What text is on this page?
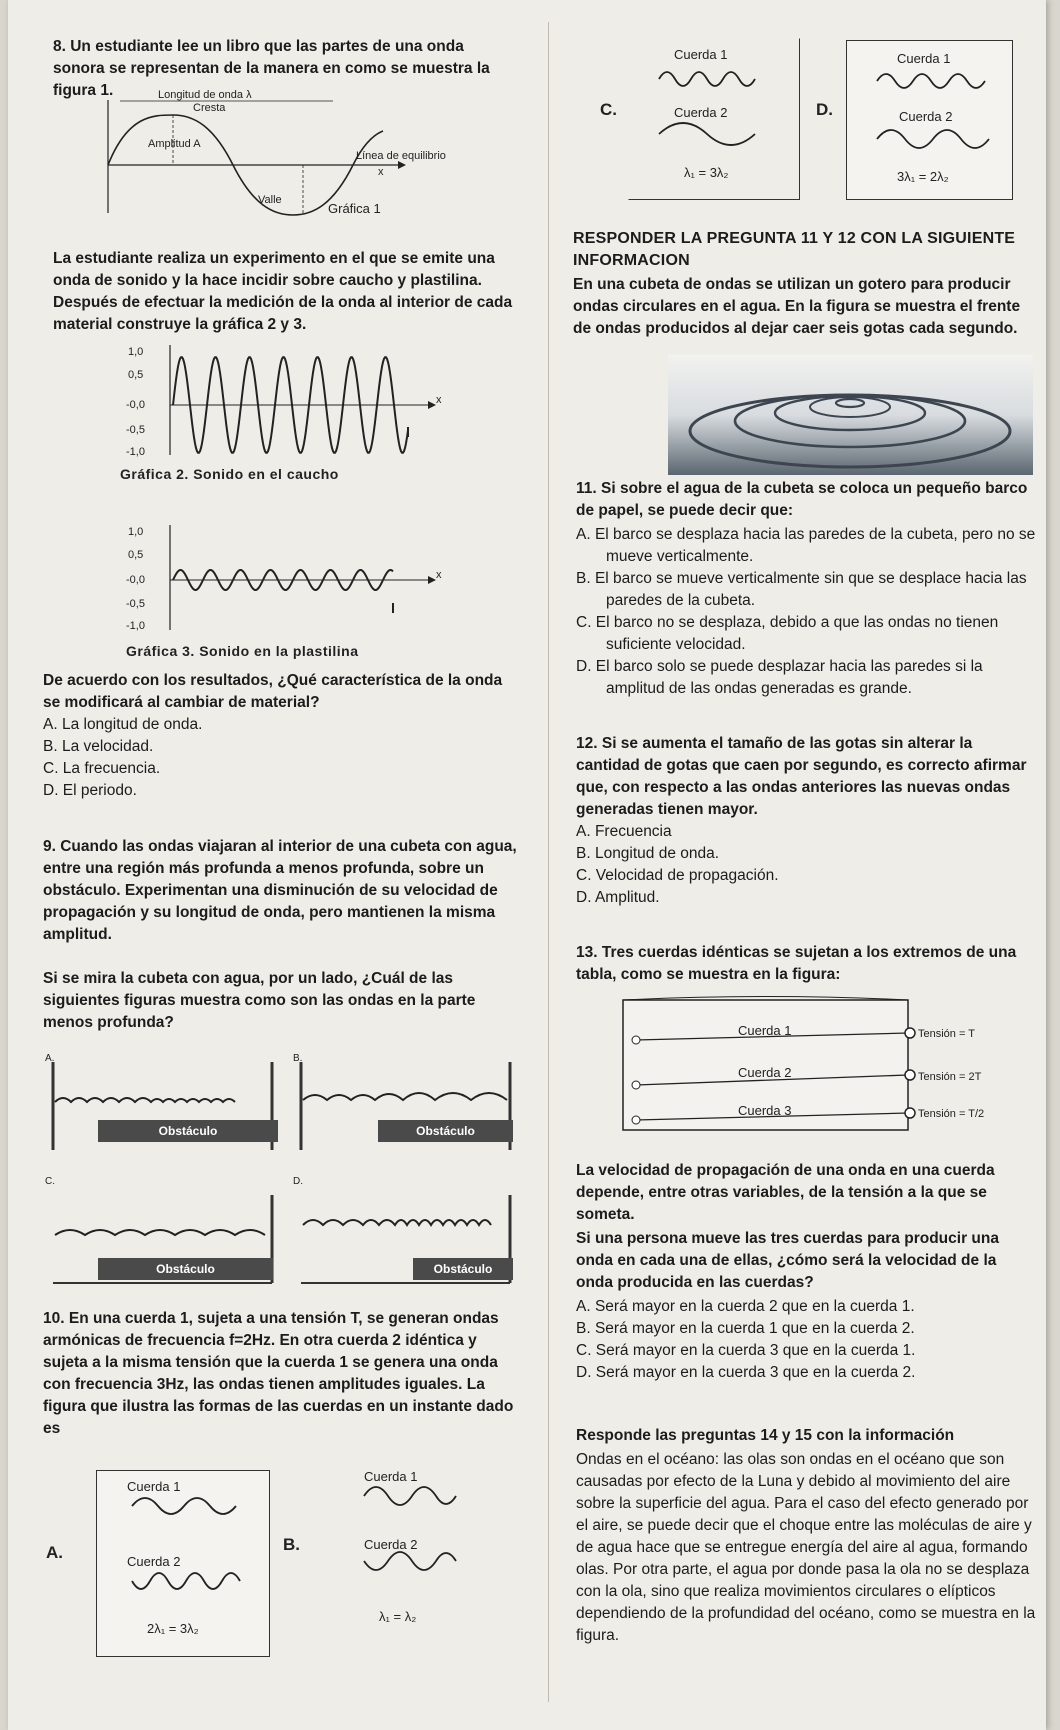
8. Un estudiante lee un libro que las partes de una onda sonora se representan de la manera en como se muestra la figura 1.	Longitud de onda λ
Cresta
Amplitud A
Línea de equilibrio
x
Valle
Gráfica 1

La estudiante realiza un experimento en el que se emite una onda de sonido y la hace incidir sobre caucho y plastilina. Después de efectuar la medición de la onda al interior de cada material construye la gráfica 2 y 3.

1,0
0,5
-0,0
-0,5
-1,0
x
Gráfica 2. Sonido en el caucho
1,0
0,5
-0,0
-0,5
-1,0
x
Gráfica 3. Sonido en la plastilina

De acuerdo con los resultados, ¿Qué característica de la onda se modificará al cambiar de material?

A. La longitud de onda.

B. La velocidad.

C. La frecuencia.

D. El periodo.

9. Cuando las ondas viajaran al interior de una cubeta con agua, entre una región más profunda a menos profunda, sobre un obstáculo. Experimentan una disminución de su velocidad de propagación y su longitud de onda, pero mantienen la misma amplitud.

Si se mira la cubeta con agua, por un lado, ¿Cuál de las siguientes figuras muestra como son las ondas en la parte menos profunda?

A.
Obstáculo
B.
Obstáculo
C.
Obstáculo
D.
Obstáculo

10. En una cuerda 1, sujeta a una tensión T, se generan ondas armónicas de frecuencia f=2Hz. En otra cuerda 2 idéntica y sujeta a la misma tensión que la cuerda 1 se genera una onda con frecuencia 3Hz, las ondas tienen amplitudes iguales. La figura que ilustra las formas de las cuerdas en un instante dado es

A.
Cuerda 1
Cuerda 2
2λ₁ = 3λ₂
B.
Cuerda 1
Cuerda 2
λ₁ = λ₂
C.
Cuerda 1
Cuerda 2
λ₁ = 3λ₂
D.
Cuerda 1
Cuerda 2
3λ₁ = 2λ₂

RESPONDER LA PREGUNTA 11 Y 12 CON LA SIGUIENTE INFORMACION

En una cubeta de ondas se utilizan un gotero para producir ondas circulares en el agua. En la figura se muestra el frente de ondas producidos al dejar caer seis gotas cada segundo.

11. Si sobre el agua de la cubeta se coloca un pequeño barco de papel, se puede decir que:

A. El barco se desplaza hacia las paredes de la cubeta, pero no se mueve verticalmente.

B. El barco se mueve verticalmente sin que se desplace hacia las paredes de la cubeta.

C. El barco no se desplaza, debido a que las ondas no tienen suficiente velocidad.

D. El barco solo se puede desplazar hacia las paredes si la amplitud de las ondas generadas es grande.

12. Si se aumenta el tamaño de las gotas sin alterar la cantidad de gotas que caen por segundo, es correcto afirmar que, con respecto a las ondas anteriores las nuevas ondas generadas tienen mayor.

A. Frecuencia

B. Longitud de onda.

C. Velocidad de propagación.

D. Amplitud.

13. Tres cuerdas idénticas se sujetan a los extremos de una tabla, como se muestra en la figura:

Cuerda 1
Cuerda 2
Cuerda 3
Tensión = T
Tensión = 2T
Tensión = T/2

La velocidad de propagación de una onda en una cuerda depende, entre otras variables, de la tensión a la que se someta.

Si una persona mueve las tres cuerdas para producir una onda en cada una de ellas, ¿cómo será la velocidad de la onda producida en las cuerdas?

A. Será mayor en la cuerda 2 que en la cuerda 1.

B. Será mayor en la cuerda 1 que en la cuerda 2.

C. Será mayor en la cuerda 3 que en la cuerda 1.

D. Será mayor en la cuerda 3 que en la cuerda 2.

Responde las preguntas 14 y 15 con la información

Ondas en el océano: las olas son ondas en el océano que son causadas por efecto de la Luna y debido al movimiento del aire sobre la superficie del agua. Para el caso del efecto generado por el aire, se puede decir que el choque entre las moléculas de aire y de agua hace que se entregue energía del aire al agua, formando olas. Por otra parte, el agua por donde pasa la ola no se desplaza con la ola, sino que realiza movimientos circulares o elípticos dependiendo de la profundidad del océano, como se muestra en la figura.
